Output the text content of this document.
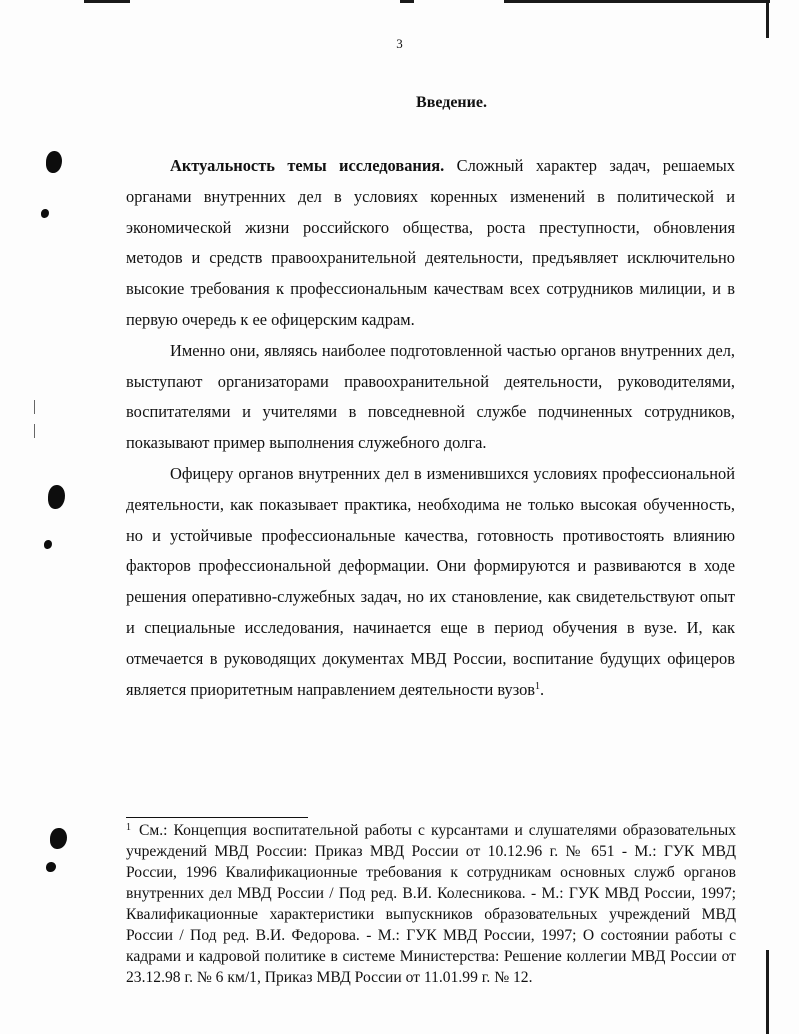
3
Введение.

Актуальность темы исследования. Сложный характер задач, решаемых органами внутренних дел в условиях коренных изменений в политической и экономической жизни российского общества, роста преступности, обновления методов и средств правоохранительной деятельности, предъявляет исключительно высокие требования к профессиональным качествам всех сотрудников милиции, и в первую очередь к ее офицерским кадрам.

Именно они, являясь наиболее подготовленной частью органов внутренних дел, выступают организаторами правоохранительной деятельности, руководителями, воспитателями и учителями в повседневной службе подчиненных сотрудников, показывают пример выполнения служебного долга.

Офицеру органов внутренних дел в изменившихся условиях профессиональной деятельности, как показывает практика, необходима не только высокая обученность, но и устойчивые профессиональные качества, готовность противостоять влиянию факторов профессиональной деформации. Они формируются и развиваются в ходе решения оперативно-служебных задач, но их становление, как свидетельствуют опыт и специальные исследования, начинается еще в период обучения в вузе. И, как отмечается в руководящих документах МВД России, воспитание будущих офицеров является приоритетным направлением деятельности вузов$^1$.

$^1$ См.: Концепция воспитательной работы с курсантами и слушателями образовательных учреждений МВД России: Приказ МВД России от 10.12.96 г. № 651 - М.: ГУК МВД России, 1996 Квалификационные требования к сотрудникам основных служб органов внутренних дел МВД России / Под ред. В.И. Колесникова. - М.: ГУК МВД России, 1997; Квалификационные характеристики выпускников образовательных учреждений МВД России / Под ред. В.И. Федорова. - М.: ГУК МВД России, 1997; О состоянии работы с кадрами и кадровой политике в системе Министерства: Решение коллегии МВД России от 23.12.98 г. № 6 км/1, Приказ МВД России от 11.01.99 г. № 12.
